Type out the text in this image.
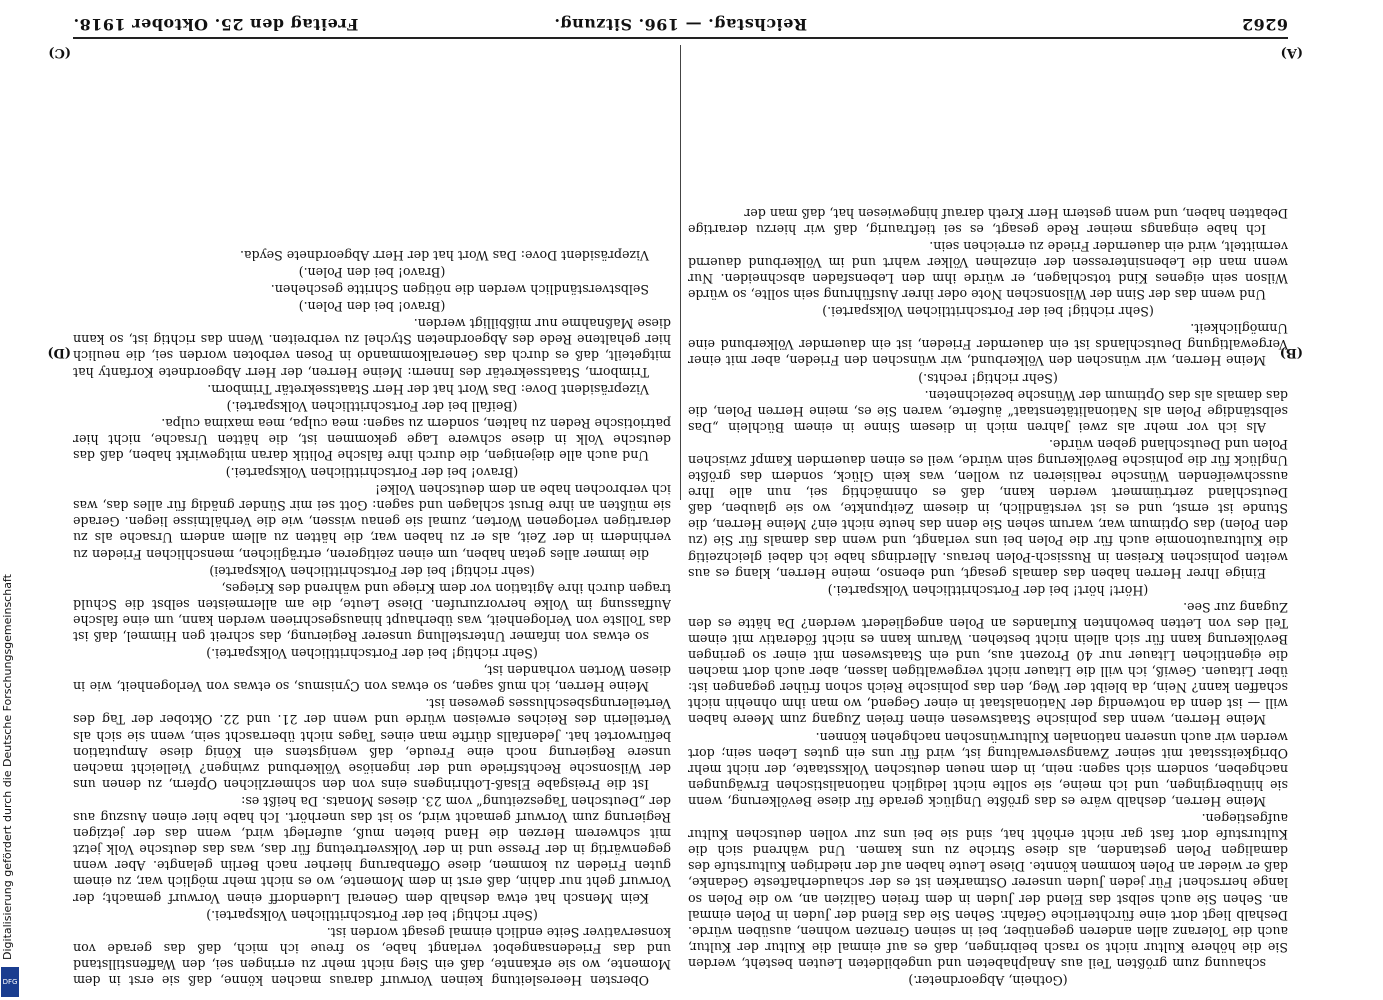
6262
Reichstag. — 196. Sitzung.
Freitag den 25. Oktober 1918.
(A)
(B)
(C)
(D)

(Gothein, Abgeordneter.)

schauung zum größten Teil aus Analphabeten und ungebildeten Leuten besteht, werden Sie die höhere Kultur nicht so rasch beibringen, daß es auf einmal die Kultur der Kultur, auch die Toleranz allen anderen gegenüber, bei in seinen Grenzen wohnen, ausüben würde. Deshalb liegt dort eine fürchterliche Gefahr. Sehen Sie das Elend der Juden in Polen einmal an. Sehen Sie auch selbst das Elend der Juden in dem freien Galizien an, wo die Polen so lange herrschen! Für jeden Juden unserer Ostmarken ist es der schauderhafteste Gedanke, daß er wieder an Polen kommen könnte. Diese Leute haben auf der niedrigen Kulturstufe des damaligen Polen gestanden, als diese Striche zu uns kamen. Und während sich die Kulturstufe dort fast gar nicht erhöht hat, sind sie bei uns zur vollen deutschen Kultur aufgestiegen.

Meine Herren, deshalb wäre es das größte Unglück gerade für diese Bevölkerung, wenn sie hinübergingen, und ich meine, sie sollte nicht lediglich nationalistischen Erwägungen nachgeben, sondern sich sagen: nein, in dem neuen deutschen Volksstaate, der nicht mehr Obrigkeitsstaat mit seiner Zwangsverwaltung ist, wird für uns ein gutes Leben sein; dort werden wir auch unseren nationalen Kulturwünschen nachgehen können.

Meine Herren, wenn das polnische Staatswesen einen freien Zugang zum Meere haben will — ist denn da notwendig der Nationalstaat in einer Gegend, wo man ihm ohnehin nicht schaffen kann? Nein, da bleibt der Weg, den das polnische Reich schon früher gegangen ist: über Litauen. Gewiß, ich will die Litauer nicht vergewaltigen lassen, aber auch dort machen die eigentlichen Litauer nur 40 Prozent aus, und ein Staatswesen mit einer so geringen Bevölkerung kann für sich allein nicht bestehen. Warum kann es nicht föderativ mit einem Teil des von Letten bewohnten Kurlandes an Polen angegliedert werden? Da hätte es den Zugang zur See.

(Hört! hört! bei der Fortschrittlichen Volkspartei.)

Einige Ihrer Herren haben das damals gesagt, und ebenso, meine Herren, klang es aus weiten polnischen Kreisen in Russisch-Polen heraus. Allerdings habe ich dabei gleichzeitig die Kulturautonomie auch für die Polen bei uns verlangt, und wenn das damals für Sie (zu den Polen) das Optimum war, warum sehen Sie denn das heute nicht ein? Meine Herren, die Stunde ist ernst, und es ist verständlich, in diesem Zeitpunkte, wo sie glauben, daß Deutschland zertrümmert werden kann, daß es ohnmächtig sei, nun alle Ihre ausschweifenden Wünsche realisieren zu wollen, was kein Glück, sondern das größte Unglück für die polnische Bevölkerung sein würde, weil es einen dauernden Kampf zwischen Polen und Deutschland geben würde.

Als ich vor mehr als zwei Jahren mich in diesem Sinne in einem Büchlein „Das selbständige Polen als Nationalitätenstaat“ äußerte, waren Sie es, meine Herren Polen, die das damals als das Optimum der Wünsche bezeichneten.

(Sehr richtig! rechts.)

Meine Herren, wir wünschen den Völkerbund, wir wünschen den Frieden, aber mit einer Vergewaltigung Deutschlands ist ein dauernder Frieden, ist ein dauernder Völkerbund eine Unmöglichkeit.

(Sehr richtig! bei der Fortschrittlichen Volkspartei.)

Und wenn das der Sinn der Wilsonschen Note oder ihrer Ausführung sein sollte, so würde Wilson sein eigenes Kind totschlagen, er würde ihm den Lebensfaden abschneiden. Nur wenn man die Lebensinteressen der einzelnen Völker wahrt und im Völkerbund dauernd vermittelt, wird ein dauernder Friede zu erreichen sein.

Ich habe eingangs meiner Rede gesagt, es sei tieftraurig, daß wir hierzu derartige Debatten haben, und wenn gestern Herr Kreth darauf hingewiesen hat, daß man der

Obersten Heeresleitung keinen Vorwurf daraus machen könne, daß sie erst in dem Momente, wo sie erkannte, daß ein Sieg nicht mehr zu erringen sei, den Waffenstillstand und das Friedensangebot verlangt habe, so freue ich mich, daß das gerade von konservativer Seite endlich einmal gesagt worden ist.

(Sehr richtig! bei der Fortschrittlichen Volkspartei.)

Kein Mensch hat etwa deshalb dem General Ludendorff einen Vorwurf gemacht; der Vorwurf geht nur dahin, daß erst in dem Momente, wo es nicht mehr möglich war, zu einem guten Frieden zu kommen, diese Offenbarung hierher nach Berlin gelangte. Aber wenn gegenwärtig in der Presse und in der Volksvertretung für das, was das deutsche Volk jetzt mit schwerem Herzen die Hand bieten muß, auferlegt wird, wenn das der jetzigen Regierung zum Vorwurf gemacht wird, so ist das unerhört. Ich habe hier einen Auszug aus der „Deutschen Tageszeitung“ vom 23. dieses Monats. Da heißt es:

Ist die Preisgabe Elsaß-Lothringens eins von den schmerzlichen Opfern, zu denen uns der Wilsonsche Rechtsfriede und der ingeniöse Völkerbund zwingen? Vielleicht machen unsere Regierung noch eine Freude, daß wenigstens ein König diese Amputation befürwortet hat. Jedenfalls dürfte man eines Tages nicht überrascht sein, wenn sie sich als Verteilerin des Reiches erweisen würde und wenn der 21. und 22. Oktober der Tag des Verteilerungsbeschlusses gewesen ist.

Meine Herren, ich muß sagen, so etwas von Cynismus, so etwas von Verlogenheit, wie in diesen Worten vorhanden ist,

(Sehr richtig! bei der Fortschrittlichen Volkspartei.)

so etwas von infamer Unterstellung unserer Regierung, das schreit gen Himmel, daß ist das Tollste von Verlogenheit, was überhaupt hinausgeschrieen werden kann, um eine falsche Auffassung im Volke hervorzurufen. Diese Leute, die am allermeisten selbst die Schuld tragen durch ihre Agitation vor dem Kriege und während des Krieges,

(sehr richtig! bei der Fortschrittlichen Volkspartei)

die immer alles getan haben, um einen zeitigeren, erträglichen, menschlichen Frieden zu verhindern in der Zeit, als er zu haben war, die hätten zu allem andern Ursache als zu derartigen verlogenen Worten, zumal sie genau wissen, wie die Verhältnisse liegen. Gerade sie müßten an ihre Brust schlagen und sagen: Gott sei mir Sünder gnädig für alles das, was ich verbrochen habe an dem deutschen Volke!

(Bravo! bei der Fortschrittlichen Volkspartei.)

Und auch alle diejenigen, die durch ihre falsche Politik daran mitgewirkt haben, daß das deutsche Volk in diese schwere Lage gekommen ist, die hätten Ursache, nicht hier patriotische Reden zu halten, sondern zu sagen: mea culpa, mea maxima culpa.

(Beifall bei der Fortschrittlichen Volkspartei.)

Vizepräsident Dove: Das Wort hat der Herr Staatssekretär Trimborn.

Trimborn, Staatssekretär des Innern: Meine Herren, der Herr Abgeordnete Korfanty hat mitgeteilt, daß es durch das Generalkommando in Posen verboten worden sei, die neulich hier gehaltene Rede des Abgeordneten Stychel zu verbreiten. Wenn das richtig ist, so kann diese Maßnahme nur mißbilligt werden.

(Bravo! bei den Polen.)

Selbstverständlich werden die nötigen Schritte geschehen.

(Bravo! bei den Polen.)

Vizepräsident Dove: Das Wort hat der Herr Abgeordnete Seyda.

Digitalisierung gefördert durch die Deutsche Forschungsgemeinschaft
DFG
